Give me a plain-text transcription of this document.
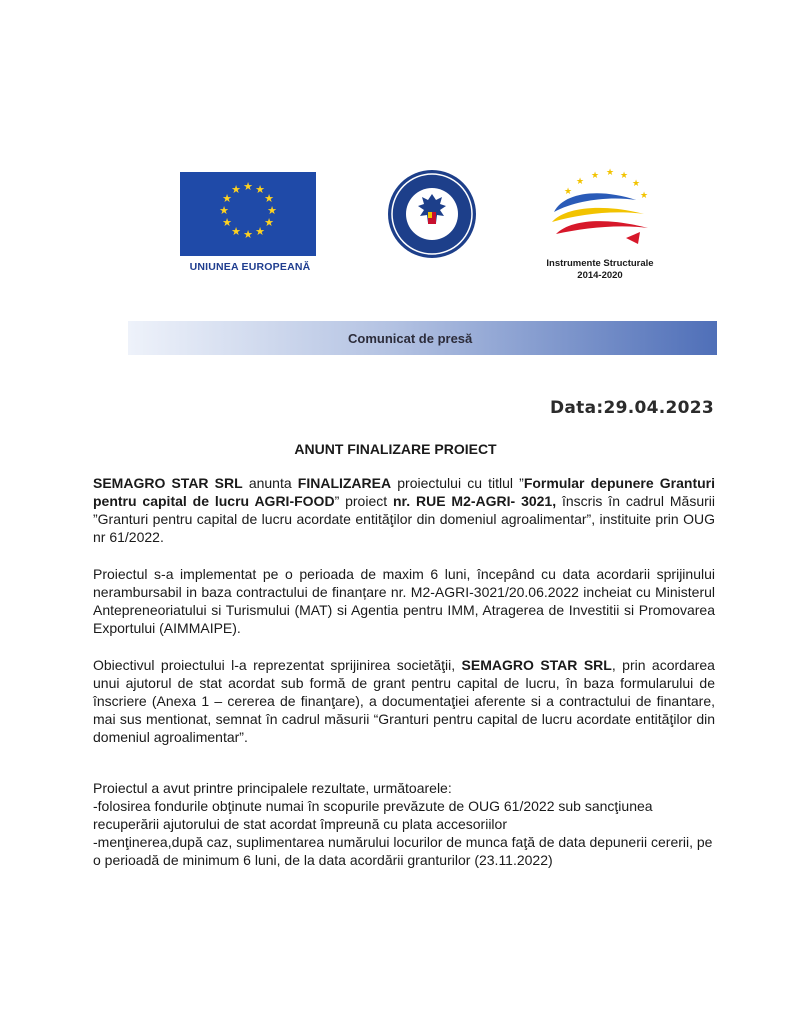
★ ★
★
★
★
★
★
★
★
★
★
★
UNIUNEA EUROPEANĂ
★ ★ ★
★
★
★
★
Instrumente Structurale
2014-2020
Comunicat de presă
Data:29.04.2023
ANUNT FINALIZARE PROIECT

SEMAGRO STAR SRL anunta FINALIZAREA proiectului cu titlul ”Formular depunere Granturi pentru capital de lucru AGRI-FOOD” proiect nr. RUE M2-AGRI- 3021, înscris în cadrul Măsurii ”Granturi pentru capital de lucru acordate entităţilor din domeniul agroalimentar”, instituite prin OUG nr 61/2022.

Proiectul s-a implementat pe o perioada de maxim 6 luni, începând cu data acordarii sprijinului nerambursabil in baza contractului de finanțare nr. M2-AGRI-3021/20.06.2022 incheiat cu Ministerul Antepreneoriatului si Turismului (MAT) si Agentia pentru IMM, Atragerea de Investitii si Promovarea Exportului (AIMMAIPE).

Obiectivul proiectului l-a reprezentat sprijinirea societăţii, SEMAGRO STAR SRL, prin acordarea unui ajutorul de stat acordat sub formă de grant pentru capital de lucru, în baza formularului de înscriere (Anexa 1 – cererea de finanţare), a documentaţiei aferente si a contractului de finantare, mai sus mentionat, semnat în cadrul măsurii “Granturi pentru capital de lucru acordate entităţilor din domeniul agroalimentar”.

Proiectul a avut printre principalele rezultate, următoarele:
-folosirea fondurile obţinute numai în scopurile prevăzute de OUG 61/2022 sub sancţiunea recuperării ajutorului de stat acordat împreună cu plata accesoriilor
-menţinerea,după caz, suplimentarea numărului locurilor de munca faţă de data depunerii cererii, pe o perioadă de minimum 6 luni, de la data acordării granturilor (23.11.2022)
